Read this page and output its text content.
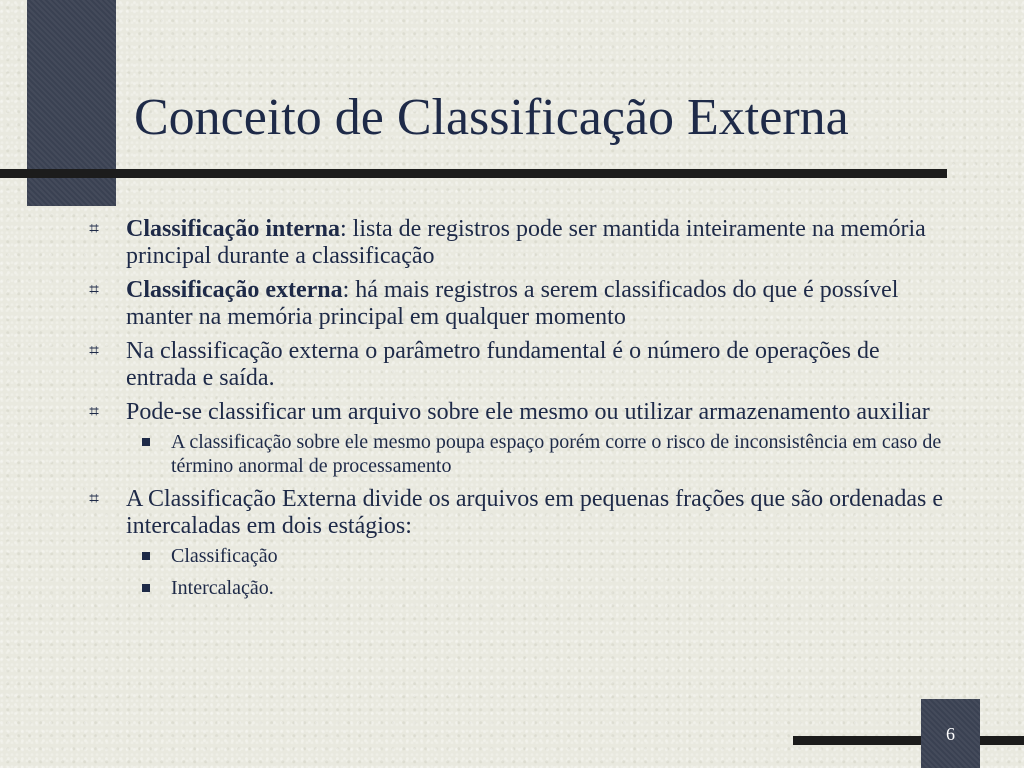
Conceito de Classificação Externa
⌗ Classificação interna: lista de registros pode ser mantida inteiramente na memória principal durante a classificação
⌗ Classificação externa: há mais registros a serem classificados do que é possível manter na memória principal em qualquer momento
⌗ Na classificação externa o parâmetro fundamental é o número de operações de entrada e saída.
⌗ Pode-se classificar um arquivo sobre ele mesmo ou utilizar armazenamento auxiliar
A classificação sobre ele mesmo poupa espaço porém corre o risco de inconsistência em caso de término anormal de processamento
⌗ A Classificação Externa divide os arquivos em pequenas frações que são ordenadas e intercaladas em dois estágios:
Classificação
Intercalação.
6
